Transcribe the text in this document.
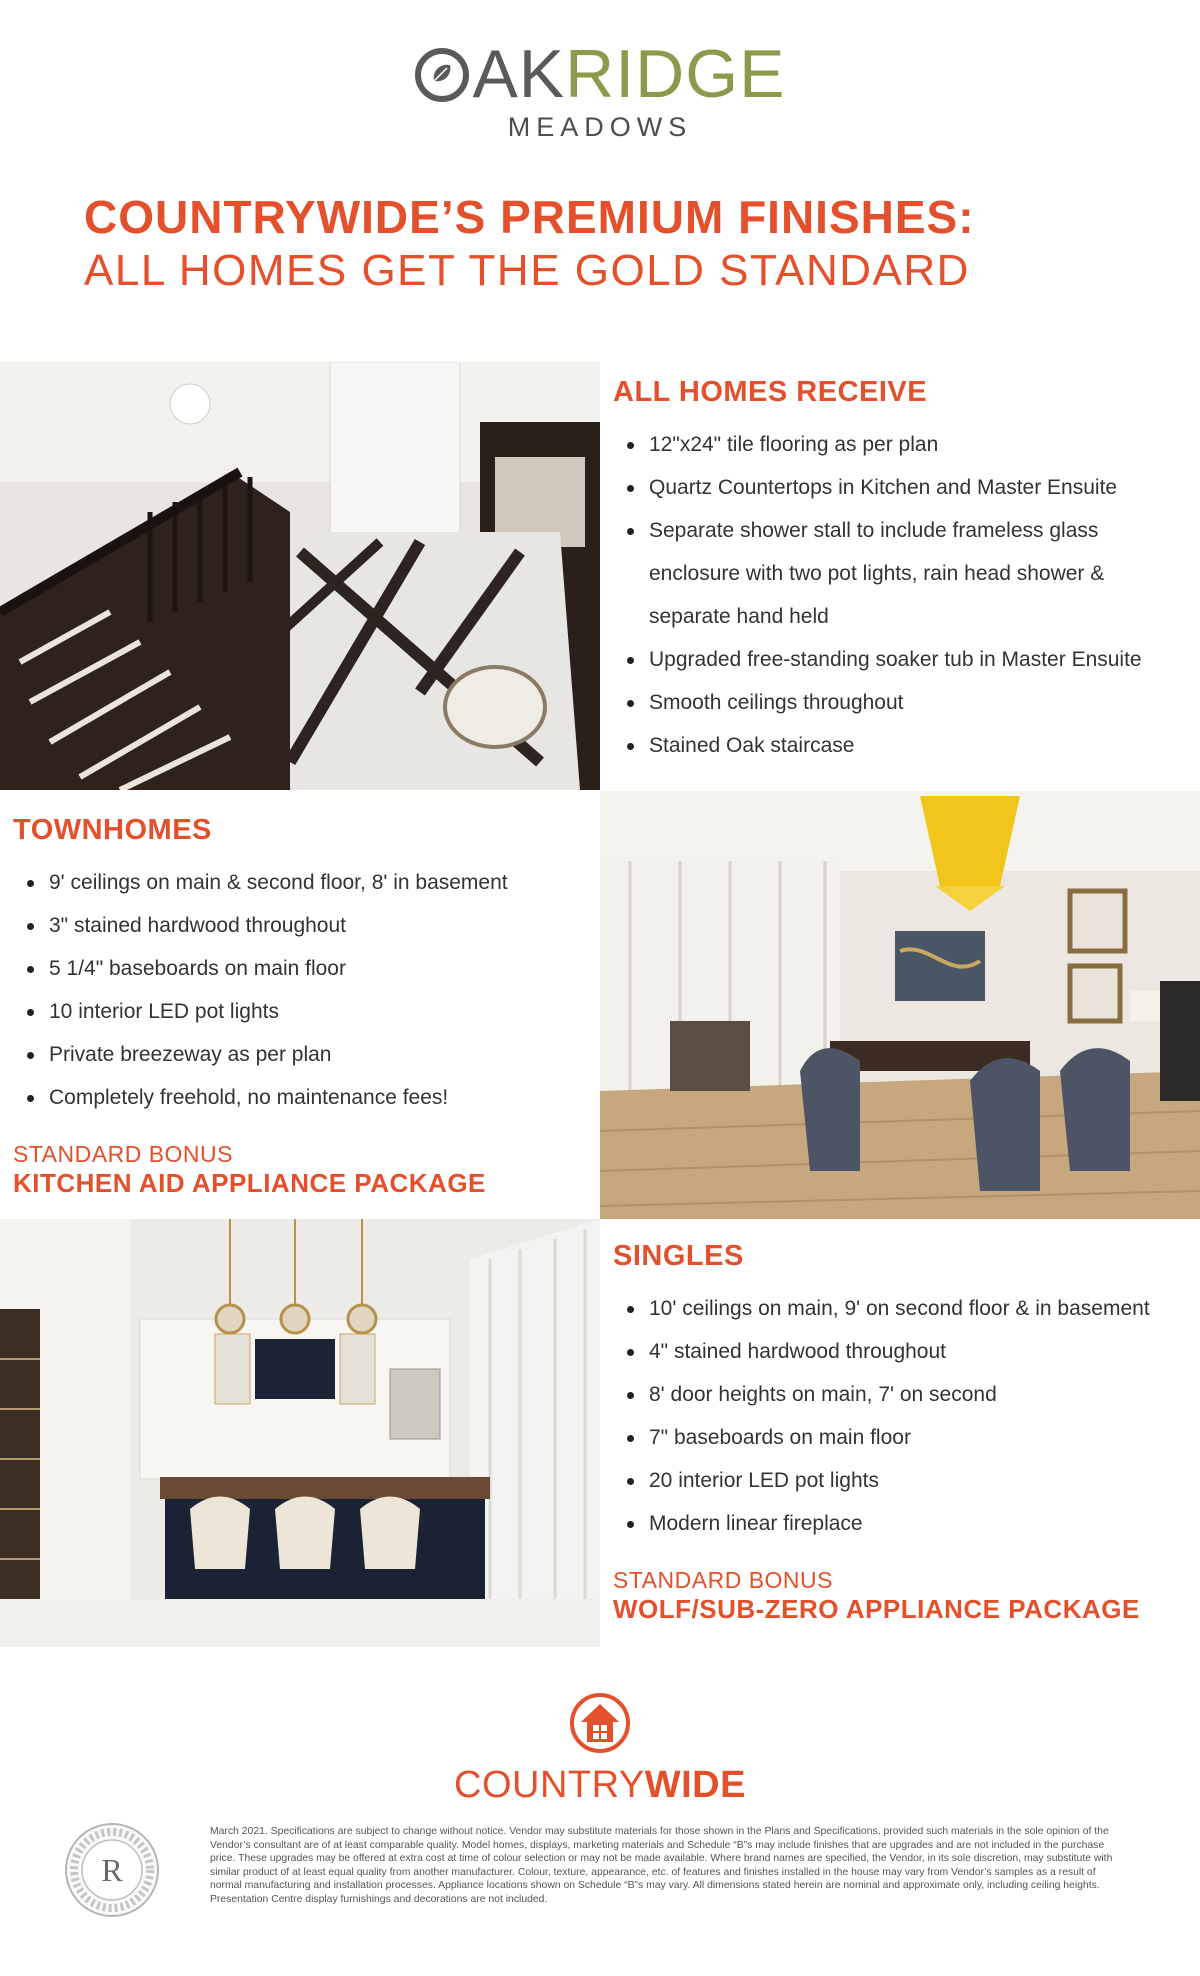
AK RIDGE
MEADOWS
COUNTRYWIDE’S PREMIUM FINISHES:
ALL HOMES GET THE GOLD STANDARD
ALL HOMES RECEIVE
12"x24" tile flooring as per plan
Quartz Countertops in Kitchen and Master Ensuite
Separate shower stall to include frameless glass enclosure with two pot lights, rain head shower & separate hand held
Upgraded free-standing soaker tub in Master Ensuite
Smooth ceilings throughout
Stained Oak staircase
TOWNHOMES
9' ceilings on main & second floor, 8' in basement
3" stained hardwood throughout
5 1/4" baseboards on main floor
10 interior LED pot lights
Private breezeway as per plan
Completely freehold, no maintenance fees!
STANDARD BONUS
KITCHEN AID APPLIANCE PACKAGE
SINGLES
10' ceilings on main, 9' on second floor & in basement
4" stained hardwood throughout
8' door heights on main, 7' on second
7" baseboards on main floor
20 interior LED pot lights
Modern linear fireplace
STANDARD BONUS
WOLF/SUB-ZERO APPLIANCE PACKAGE
COUNTRYWIDE
R
March 2021. Specifications are subject to change without notice. Vendor may substitute materials for those shown in the Plans and Specifications, provided such materials in the sole opinion of the Vendor’s consultant are of at least comparable quality. Model homes, displays, marketing materials and Schedule “B”s may include finishes that are upgrades and are not included in the purchase price. These upgrades may be offered at extra cost at time of colour selection or may not be made available. Where brand names are specified, the Vendor, in its sole discretion, may substitute with similar product of at least equal quality from another manufacturer. Colour, texture, appearance, etc. of features and finishes installed in the house may vary from Vendor’s samples as a result of normal manufacturing and installation processes. Appliance locations shown on Schedule “B”s may vary. All dimensions stated herein are nominal and approximate only, including ceiling heights. Presentation Centre display furnishings and decorations are not included.
